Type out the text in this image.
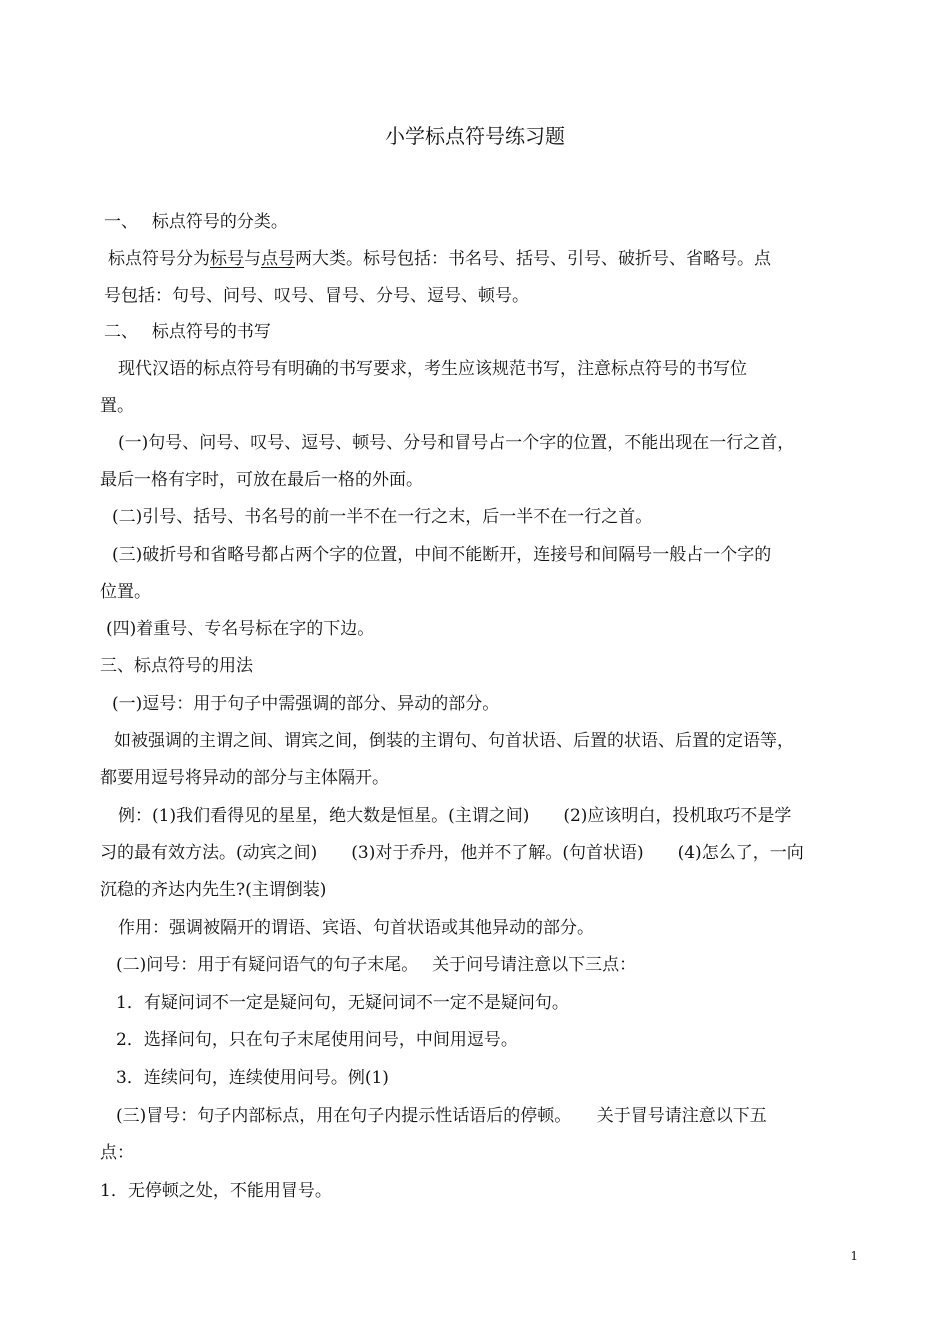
小学标点符号练习题

一、　 标点符号的分类。

标点符号分为标号与点号两大类。标号包括：书名号、括号、引号、破折号、省略号。点

号包括：句号、问号、叹号、冒号、分号、逗号、顿号。

二、　 标点符号的书写

现代汉语的标点符号有明确的书写要求，考生应该规范书写，注意标点符号的书写位

置。

(一)句号、问号、叹号、逗号、顿号、分号和冒号占一个字的位置，不能出现在一行之首，

最后一格有字时，可放在最后一格的外面。

(二)引号、括号、书名号的前一半不在一行之末，后一半不在一行之首。

(三)破折号和省略号都占两个字的位置，中间不能断开，连接号和间隔号一般占一个字的

位置。

(四)着重号、专名号标在字的下边。

三、标点符号的用法

(一)逗号：用于句子中需强调的部分、异动的部分。

如被强调的主谓之间、谓宾之间，倒装的主谓句、句首状语、后置的状语、后置的定语等，

都要用逗号将异动的部分与主体隔开。

例：(1)我们看得见的星星，绝大数是恒星。(主谓之间)　　(2)应该明白，投机取巧不是学

习的最有效方法。(动宾之间)　　(3)对于乔丹，他并不了解。(句首状语)　　(4)怎么了，一向

沉稳的齐达内先生?(主谓倒装)

作用：强调被隔开的谓语、宾语、句首状语或其他异动的部分。

(二)问号：用于有疑问语气的句子末尾。　 关于问号请注意以下三点：

1．有疑问词不一定是疑问句，无疑问词不一定不是疑问句。

2．选择问句，只在句子末尾使用问号，中间用逗号。

3．连续问句，连续使用问号。例(1)

(三)冒号：句子内部标点，用在句子内提示性话语后的停顿。　　关于冒号请注意以下五

点：

1．无停顿之处，不能用冒号。

1
